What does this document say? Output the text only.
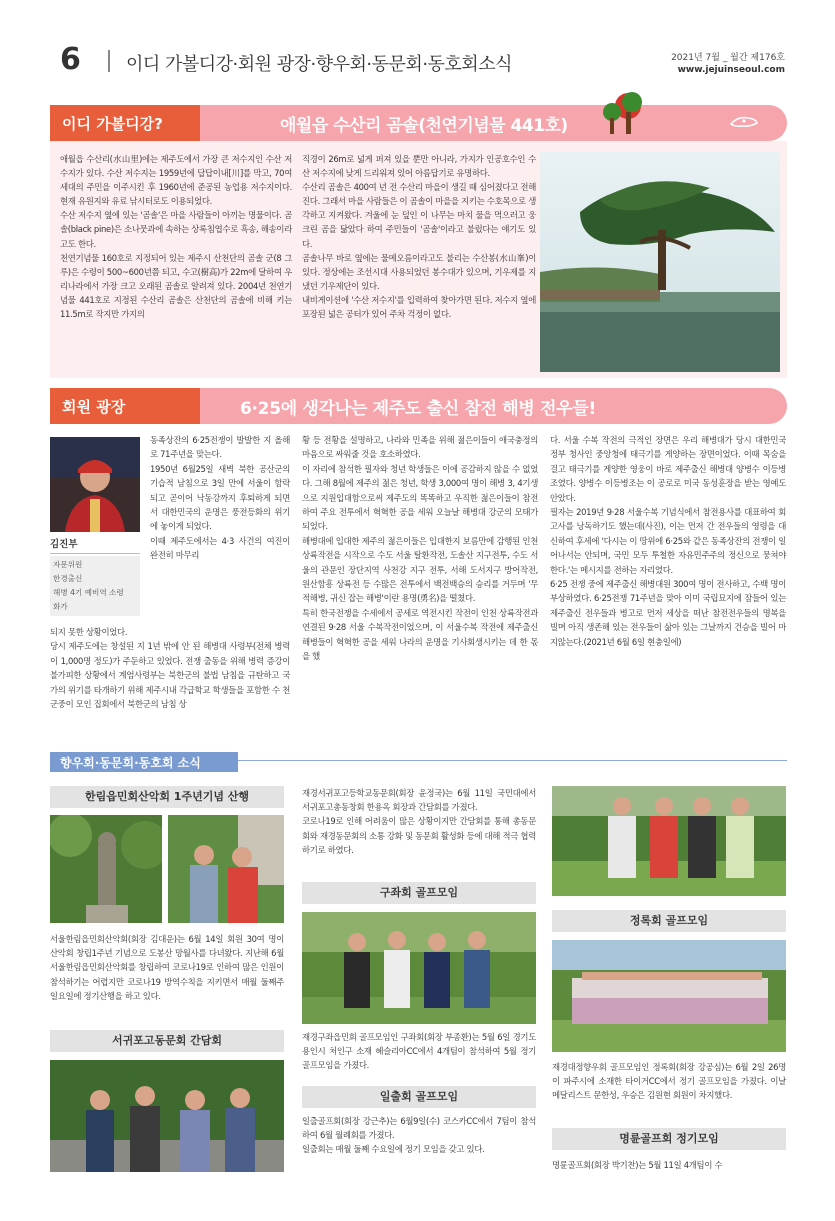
6	이디 가볼디강·회원 광장·향우회·동문회·동호회소식	2021년 7월 _ 월간 제176호
www.jejuinseoul.com
이디 가볼디강?	애월읍 수산리 곰솔(천연기념물 441호)
애월읍 수산리(水山里)에는 제주도에서 가장 큰 저수지인 수산 저수지가 있다. 수산 저수지는 1959년에 답답이내[川]를 막고, 70여 세대의 주민을 이주시킨 후 1960년에 준공된 농업용 저수지이다. 현재 유원지와 유료 낚시터로도 이용되었다.
수산 저수지 옆에 있는 '곰솔'은 마을 사람들이 아끼는 명물이다. 곰솔(black pine)은 소나뭇과에 속하는 상록침엽수로 흑송, 해송이라고도 한다.
천연기념물 160호로 지정되어 있는 제주시 산천단의 곰솔 군(8 그루)은 수령이 500~600년쯤 되고, 수고(樹高)가 22m에 달하여 우리나라에서 가장 크고 오래된 곰솔로 알려져 있다. 2004년 천연기념물 441호로 지정된 수산리 곰솔은 산천단의 곰솔에 비해 키는 11.5m로 작지만 가지의
직경이 26m로 넓게 퍼져 있을 뿐만 아니라, 가지가 인공호수인 수산 저수지에 낮게 드리워져 있어 아름답기로 유명하다.
수산리 곰솔은 400여 년 전 수산리 마을이 생길 때 심어졌다고 전해진다. 그래서 마을 사람들은 이 곰솔이 마을을 지키는 수호목으로 생각하고 지켜왔다. 겨울에 눈 덮인 이 나무는 마치 물을 먹으러고 웅크린 곰을 닮았다 하여 주민들이 '곰솔'이라고 불렀다는 얘기도 있다.
곰솔나무 바로 옆에는 물메오름이라고도 불리는 수산봉(水山峯)이 있다. 정상에는 조선시대 사용되었던 봉수대가 있으며, 기우제를 지냈던 기우제단이 있다.
내비게이션에 '수산 저수지'를 입력하여 찾아가면 된다. 저수지 옆에 포장된 넓은 공터가 있어 주차 걱정이 없다.
회원 광장	6·25에 생각나는 제주도 출신 참전 해병 전우들!
김진부
자문위원
한경출신
해병 4기 예비역 소령
화가
동족상잔의 6·25전쟁이 발발한 지 올해로 71주년을 맞는다.
1950년 6월25일 새벽 북한 공산군의 기습적 남침으로 3일 만에 서울이 함락되고 곧이어 낙동강까지 후퇴하게 되면서 대한민국의 운명은 풍전등화의 위기에 놓이게 되었다.
이때 제주도에서는 4·3 사건의 여진이 완전히 마무리
되지 못한 상황이었다.
당시 제주도에는 창설된 지 1년 밖에 안 된 해병대 사령부(전체 병력이 1,000명 정도)가 주둔하고 있었다. 전쟁 출동을 위해 병력 증강이 불가피한 상황에서 계엄사령부는 북한군의 불법 남침을 규탄하고 국가의 위기를 타개하기 위해 제주시내 각급학교 학생들을 포함한 수 천 군중이 모인 집회에서 북한군의 남침 상
황 등 전황을 설명하고, 나라와 민족을 위해 젊은이들이 애국충정의 마음으로 싸워줄 것을 호소하였다.
이 자리에 참석한 필자와 청년 학생들은 이에 공감하지 않을 수 없었다. 그해 8월에 제주의 젊은 청년, 학생 3,000여 명이 해병 3, 4기생으로 지원입대함으로써 제주도의 똑똑하고 우직한 젊은이들이 참전하여 주요 전투에서 혁혁한 공을 세워 오늘날 해병대 강군의 모태가 되었다.
해병대에 입대한 제주의 젊은이들은 입대한지 보름만에 감행된 인천상륙작전을 시작으로 수도 서울 탈환작전, 도솔산 지구전투, 수도 서울의 관문인 장단지역 사천강 지구 전투, 서해 도서지구 방어작전, 원산함흥 상륙전 등 수많은 전투에서 백전백승의 승리를 거두며 '무적해병, 귀신 잡는 해병'이란 용명(勇名)을 떨쳤다.
특히 한국전쟁을 수세에서 공세로 역전시킨 작전이 인천 상륙작전과 연결된 9·28 서울 수복작전이었으며, 이 서울수복 작전에 제주출신 해병들이 혁혁한 공을 세워 나라의 운명을 기사회생시키는 데 한 몫을 했
다. 서울 수복 작전의 극적인 장면은 우리 해병대가 당시 대한민국 정부 청사인 중앙청에 태극기를 게양하는 장면이었다. 이때 목숨을 걸고 태극기를 게양한 영웅이 바로 제주출신 해병대 양병수 이등병조였다. 양병수 이등병조는 이 공로로 미국 동성훈장을 받는 영예도 안았다.
필자는 2019년 9·28 서울수복 기념식에서 참전용사를 대표하여 회고사를 낭독하기도 했는데(사진), 이는 먼저 간 전우들의 영령을 대신하여 후세에 '다시는 이 땅위에 6·25와 같은 동족상잔의 전쟁이 일어나서는 안되며, 국민 모두 투철한 자유민주주의 정신으로 뭉쳐야 한다.'는 메시지를 전하는 자리였다.
6·25 전쟁 중에 제주출신 해병대원 300여 명이 전사하고, 수백 명이 부상하였다. 6·25전쟁 71주년을 맞아 이미 국립묘지에 잠들어 있는 제주출신 전우들과 병고로 먼저 세상을 떠난 참전전우들의 명복을 빌며 아직 생존해 있는 전우들이 삶아 있는 그날까지 건승을 빌어 마지않는다.(2021년 6월 6일 현충일에)
향우회·동문회·동호회 소식
한림읍민회산악회 1주년기념 산행
서울한림읍민회산악회(회장 김대운)는 6월 14일 회원 30여 명이 산악회 창립1주년 기념으로 도봉산 망월사를 다녀왔다. 지난해 6월 서울한림읍민회산악회를 창립하여 코로나19로 인하여 많은 인원이 참석하기는 어렵지만 코로나19 방역수칙을 지키면서 매월 둘째주 일요일에 정기산행을 하고 있다.
서귀포고동문회 간담회
재경서귀포고등학교동문회(회장 윤정국)는 6월 11일 국민대에서 서귀포고총동창회 한용옥 회장과 간담회를 가졌다.
코로나19로 인해 어려움이 많은 상황이지만 간담회를 통해 총동문회와 재경동문회의 소통 강화 및 동문회 활성화 등에 대해 적극 협력하기로 하였다.
구좌회 골프모임
재경구좌읍민회 골프모임인 구좌회(회장 부종환)는 5월 6일 경기도 용인시 처인구 소재 헤슬리아CC에서 4개팀이 참석하여 5월 정기 골프모임을 가졌다.
일출회 골프모임
일출골프회(회장 강근추)는 6월9일(수) 코스카CC에서 7팀이 참석하여 6월 월례회를 가졌다.
일출회는 매월 둘째 수요일에 정기 모임을 갖고 있다.
정록회 골프모임
재경대정향우회 골프모임인 정록회(회장 강공심)는 6월 2일 26명이 파주시에 소재한 타이거CC에서 정기 골프모임을 가졌다. 이날 메달리스트 문한성, 우승은 김원현 회원이 차지했다.
명륜골프회 정기모임
명륜골프회(회장 박기찬)는 5월 11일 4개팀이 수
